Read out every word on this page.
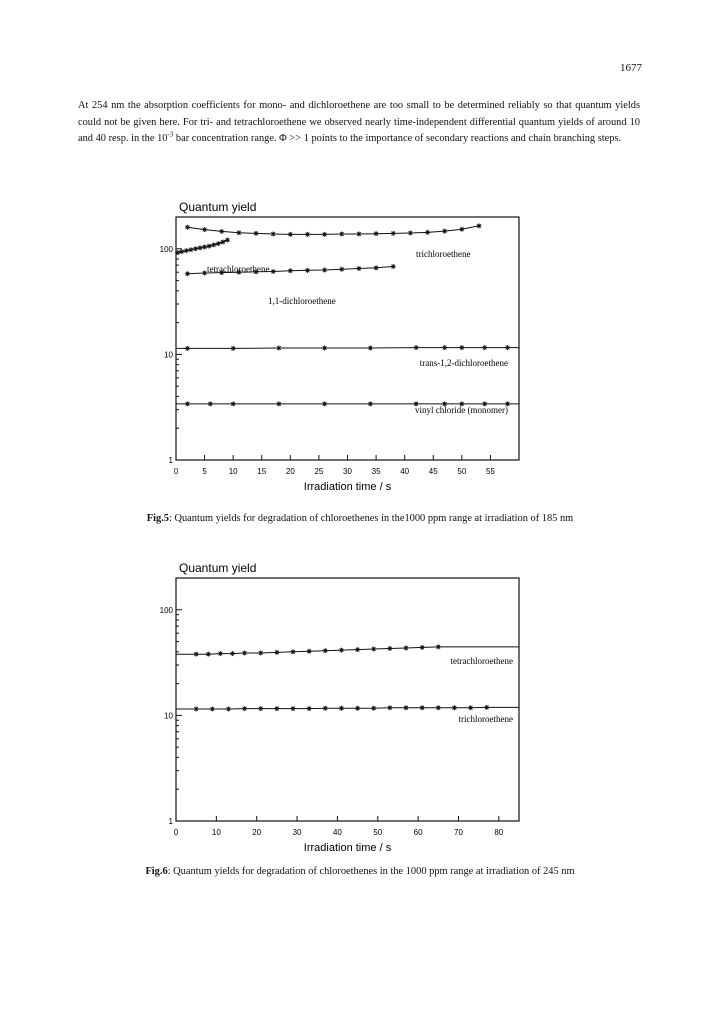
1677
At 254 nm the absorption coefficients for mono- and dichloroethene are too small to be determined reliably so that quantum yields could not be given here. For tri- and tetrachloroethene we observed nearly time-independent differential quantum yields of around 10 and 40 resp. in the $10^{-3}$ bar concentration range. Φ >> 1 points to the importance of secondary reactions and chain branching steps.
Quantum yield
1
10
100
0	5	10 15 20 25 30 35 40 45 50 55
Irradiation time / s
trichloroethene
tetrachloroethene
1,1-dichloroethene
trans-1,2-dichloroethene
vinyl chloride (monomer)
Fig.5: Quantum yields for degradation of chloroethenes in the1000 ppm range at irradiation of 185 nm
Quantum yield
1
10
100
0	10	20	30	40	50	60	70	80
Irradiation time / s
tetrachloroethene
trichloroethene
Fig.6: Quantum yields for degradation of chloroethenes in the 1000 ppm range at irradiation of 245 nm
